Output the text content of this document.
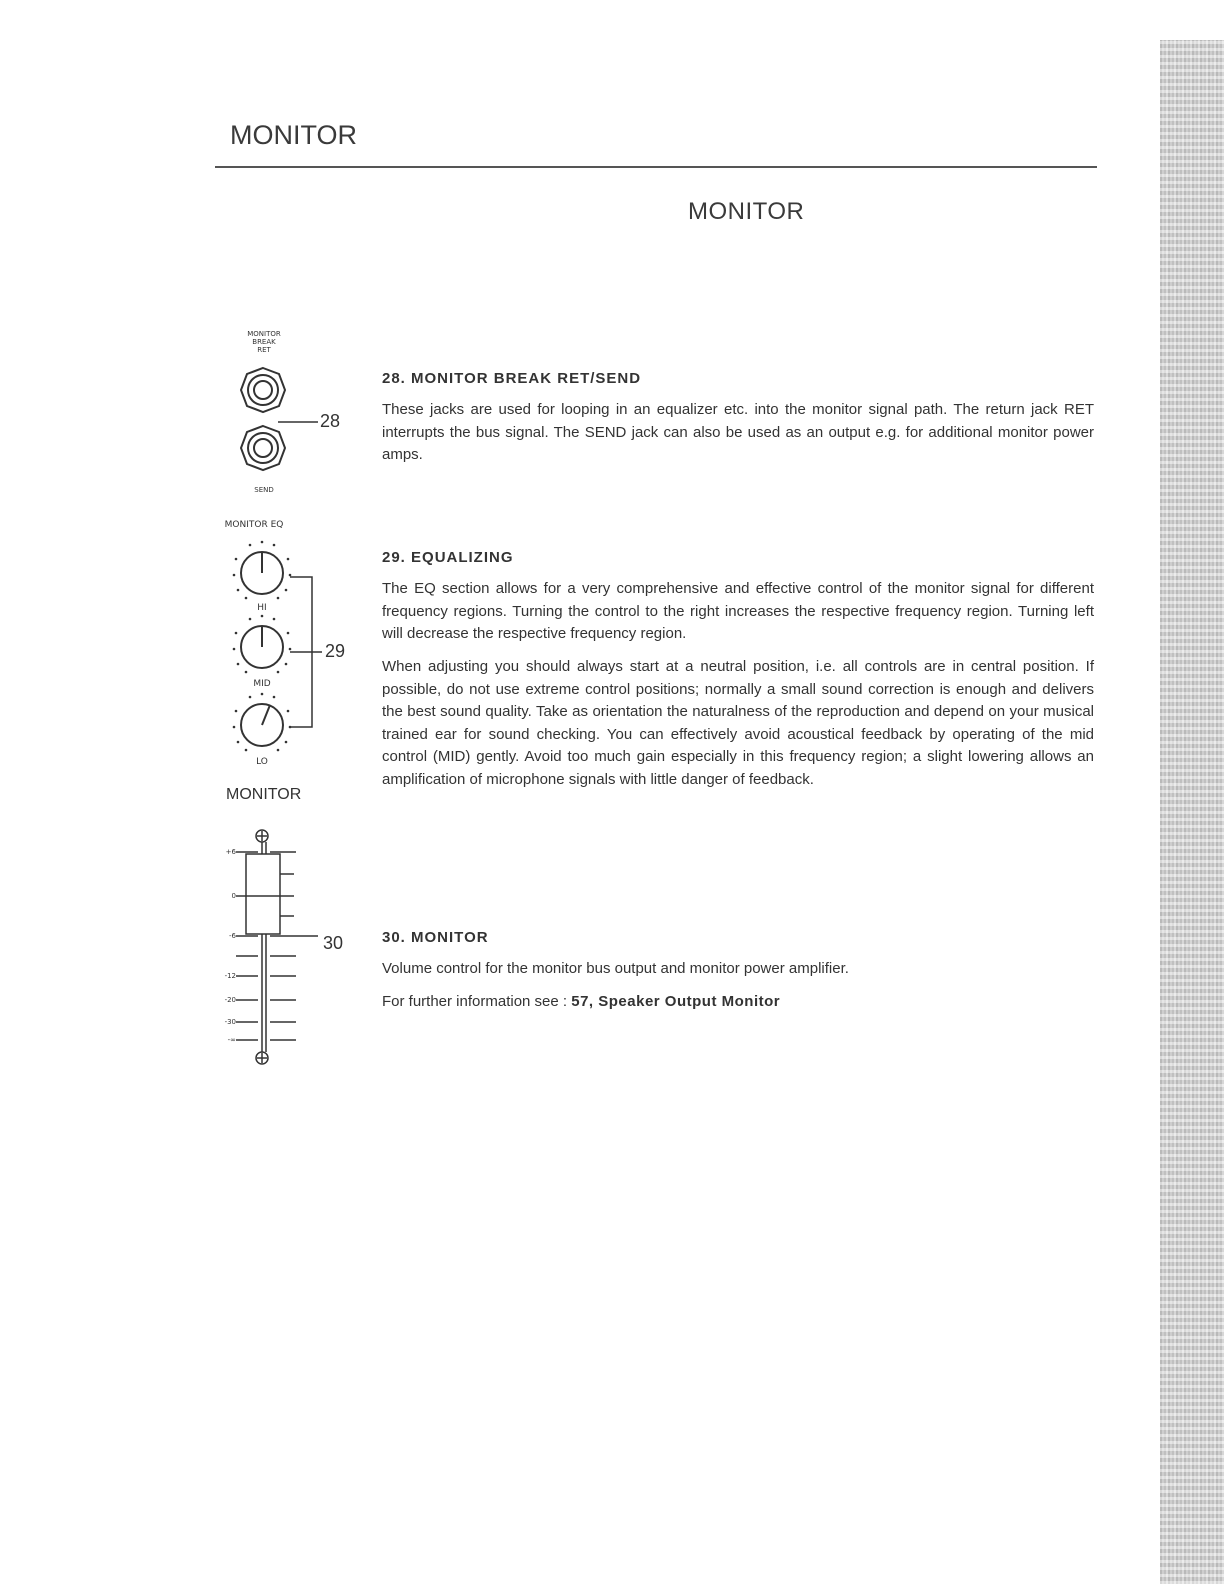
MONITOR
MONITOR
MONITOR
BREAK
RET
28
SEND
MONITOR EQ
HI
MID
LO
29
MONITOR
+6
0
-6
-12
-20
-30
-∞
30
28. MONITOR BREAK RET/SEND
These jacks are used for looping in an equalizer etc. into the monitor signal path. The return jack RET interrupts the bus signal. The SEND jack can also be used as an output e.g. for additional monitor power amps.
29. EQUALIZING
The EQ section allows for a very comprehensive and effective control of the monitor signal for different frequency regions. Turning the control to the right increases the respective frequency region. Turning left will decrease the respective frequency region.
When adjusting you should always start at a neutral position, i.e. all controls are in central position. If possible, do not use extreme control positions; normally a small sound correction is enough and delivers the best sound quality. Take as orientation the naturalness of the reproduction and depend on your musical trained ear for sound checking. You can effectively avoid acoustical feedback by operating of the mid control (MID) gently. Avoid too much gain especially in this frequency region; a slight lowering allows an amplification of microphone signals with little danger of feedback.
30. MONITOR
Volume control for the monitor bus output and monitor power amplifier.
For further information see : 57, Speaker Output Monitor
